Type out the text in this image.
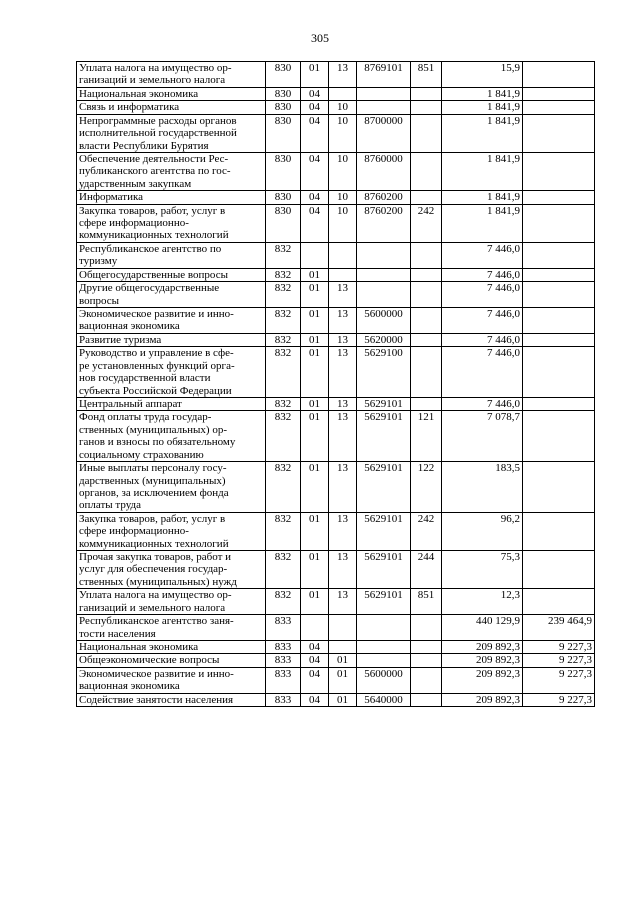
305
Уплата налога на имущество ор-
ганизаций и земельного налога	830	01	13	8769101	851	15,9	
Национальная экономика	830	04				1 841,9	
Связь и информатика	830	04	10			1 841,9	
Непрограммные расходы органов
исполнительной государственной
власти Республики Бурятия	830	04	10	8700000		1 841,9	
Обеспечение деятельности Рес-
публиканского агентства по гос-
ударственным закупкам	830	04	10	8760000		1 841,9	
Информатика	830	04	10	8760200		1 841,9	
Закупка товаров, работ, услуг в
сфере информационно-
коммуникационных технологий	830	04	10	8760200	242	1 841,9	
Республиканское агентство по
туризму	832					7 446,0	
Общегосударственные вопросы	832	01				7 446,0	
Другие общегосударственные
вопросы	832	01	13			7 446,0	
Экономическое развитие и инно-
вационная экономика	832	01	13	5600000		7 446,0	
Развитие туризма	832	01	13	5620000		7 446,0	
Руководство и управление в сфе-
ре установленных функций орга-
нов государственной власти
субъекта Российской Федерации	832	01	13	5629100		7 446,0	
Центральный аппарат	832	01	13	5629101		7 446,0	
Фонд оплаты труда государ-
ственных (муниципальных) ор-
ганов и взносы по обязательному
социальному страхованию	832	01	13	5629101	121	7 078,7	
Иные выплаты персоналу госу-
дарственных (муниципальных)
органов, за исключением фонда
оплаты труда	832	01	13	5629101	122	183,5	
Закупка товаров, работ, услуг в
сфере информационно-
коммуникационных технологий	832	01	13	5629101	242	96,2	
Прочая закупка товаров, работ и
услуг для обеспечения государ-
ственных (муниципальных) нужд	832	01	13	5629101	244	75,3	
Уплата налога на имущество ор-
ганизаций и земельного налога	832	01	13	5629101	851	12,3	
Республиканское агентство заня-
тости населения	833					440 129,9	239 464,9
Национальная экономика	833	04				209 892,3	9 227,3
Общеэкономические вопросы	833	04	01			209 892,3	9 227,3
Экономическое развитие и инно-
вационная экономика	833	04	01	5600000		209 892,3	9 227,3
Содействие занятости населения	833	04	01	5640000		209 892,3	9 227,3
